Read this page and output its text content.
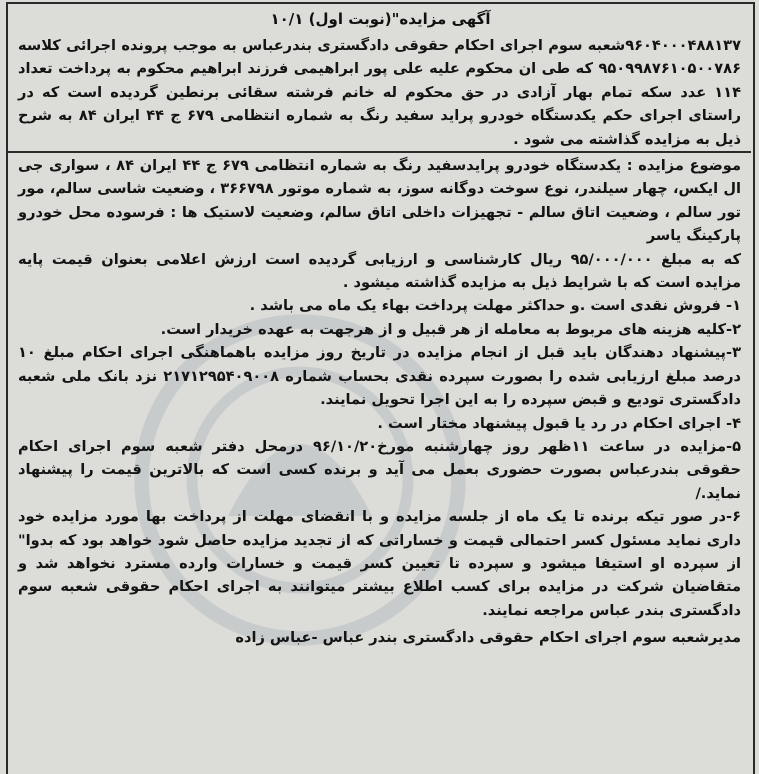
آگهی مزایده"(نوبت اول) ۱۰/۱

۹۶۰۴۰۰۰۴۸۸۱۳۷شعبه سوم اجرای احکام حقوقی دادگستری بندرعباس به موجب پرونده اجرائی کلاسه ۹۵۰۹۹۸۷۶۱۰۵۰۰۷۸۶ که طی ان محکوم علیه علی پور ابراهیمی فرزند ابراهیم محکوم به پرداخت تعداد ۱۱۴ عدد سکه تمام بهار آزادی در حق محکوم له خانم فرشته سقائی برنطین گردیده است که در راستای اجرای حکم یکدستگاه خودرو پراید سفید رنگ به شماره انتظامی ۶۷۹ ج ۴۴ ایران ۸۴ به شرح ذیل به مزایده گذاشته می شود .

موضوع مزایده : یکدستگاه خودرو پرایدسفید رنگ به شماره انتظامی ۶۷۹ ج ۴۴ ایران ۸۴ ، سواری جی ال ایکس، چهار سیلندر، نوع سوخت دوگانه سوز، به شماره موتور ۳۶۶۷۹۸ ، وضعیت شاسی سالم، مور تور سالم ، وضعیت اتاق سالم - تجهیزات داخلی اتاق سالم، وضعیت لاستیک ها : فرسوده محل خودرو پارکینگ یاسر

که به مبلغ ۹۵/۰۰۰/۰۰۰ ریال کارشناسی و ارزیابی گردیده است ارزش اعلامی بعنوان قیمت پایه مزایده است که با شرایط ذیل به مزایده گذاشته میشود .

۱- فروش نقدی است .و حداکثر مهلت پرداخت بهاء یک ماه می باشد .

۲-کلیه هزینه های مربوط به معامله از هر قبیل و از هرجهت به عهده خریدار است.

۳-پیشنهاد دهندگان باید قبل از انجام مزایده در تاریخ روز مزایده باهماهنگی اجرای احکام مبلغ ۱۰ درصد مبلغ ارزیابی شده را بصورت سپرده نقدی بحساب شماره ۲۱۷۱۲۹۵۴۰۹۰۰۸ نزد بانک ملی شعبه دادگستری تودیع و قبض سپرده را به این اجرا تحویل نمایند.

۴- اجرای احکام در رد یا قبول پیشنهاد مختار است .

۵-مزایده در ساعت ۱۱ظهر روز چهارشنبه مورخ۹۶/۱۰/۲۰ درمحل دفتر شعبه سوم اجرای احکام حقوقی بندرعباس بصورت حضوری بعمل می آید و برنده کسی است که بالاترین قیمت را پیشنهاد نماید./

۶-در صور تیکه برنده تا یک ماه از جلسه مزایده و با انقضای مهلت از پرداخت بها مورد مزایده خود داری نماید مسئول کسر احتمالی قیمت و خساراتی که از تجدید مزایده حاصل شود خواهد بود که بدوا" از سپرده او استیفا میشود و سپرده تا تعیین کسر قیمت و خسارات وارده مسترد نخواهد شد و متقاضیان شرکت در مزایده برای کسب اطلاع بیشتر میتوانند به اجرای احکام حقوقی شعبه سوم دادگستری بندر عباس مراجعه نمایند.

مدیرشعبه سوم اجرای احکام حقوقی دادگستری بندر عباس -عباس زاده
